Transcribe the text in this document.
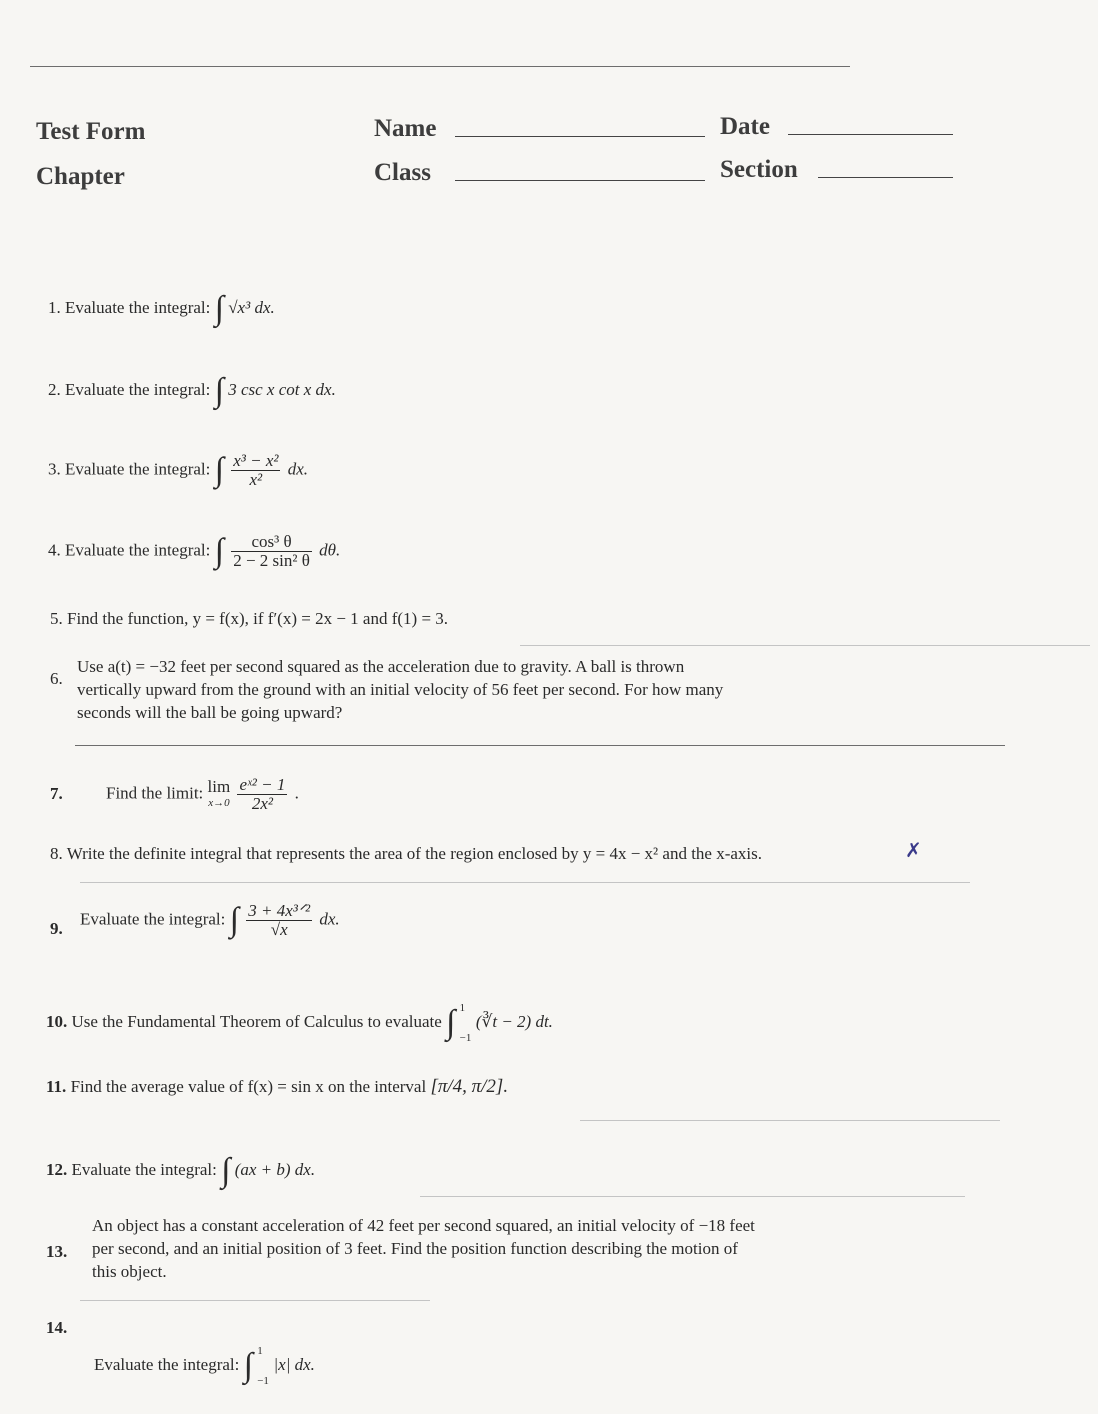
Test Form
Chapter
Name
Class
Date
Section
1. Evaluate the integral: ∫ √x³ dx.
2. Evaluate the integral: ∫ 3 csc x cot x dx.
3. Evaluate the integral: ∫ $\frac{\text{x³ − x²}}{\text{x²}}$ dx.
4. Evaluate the integral: ∫ $\frac{\text{cos³ θ}}{\text{2 − 2 sin² θ}} d\theta$.
5. Find the function, y = f(x), if f′(x) = 2x − 1 and f(1) = 3.
6.
Use a(t) = −32 feet per second squared as the acceleration due to gravity. A ball is thrown
vertically upward from the ground with an initial velocity of 56 feet per second. For how many
seconds will the ball be going upward?
7.	Find the limit: lim
x→0
$\frac{\text{eˣ² − 1}}{\text{2x²}}$ .
8. Write the definite integral that represents the area of the region enclosed by y = 4x − x² and the x-axis.	✗
9.
Evaluate the integral: ∫ $\frac{\text{3 + 4x³ᐟ²}}{√x}$ dx.
10. Use the Fundamental Theorem of Calculus to evaluate ∫ 1
−1
(∛t − 2) dt.
11. Find the average value of f(x) = sin x on the interval [π/4, π/2].
12. Evaluate the integral: ∫ (ax + b) dx.
13.
An object has a constant acceleration of 42 feet per second squared, an initial velocity of −18 feet
per second, and an initial position of 3 feet. Find the position function describing the motion of
this object.
14.
Evaluate the integral: ∫ 1
−1
|x| dx.
